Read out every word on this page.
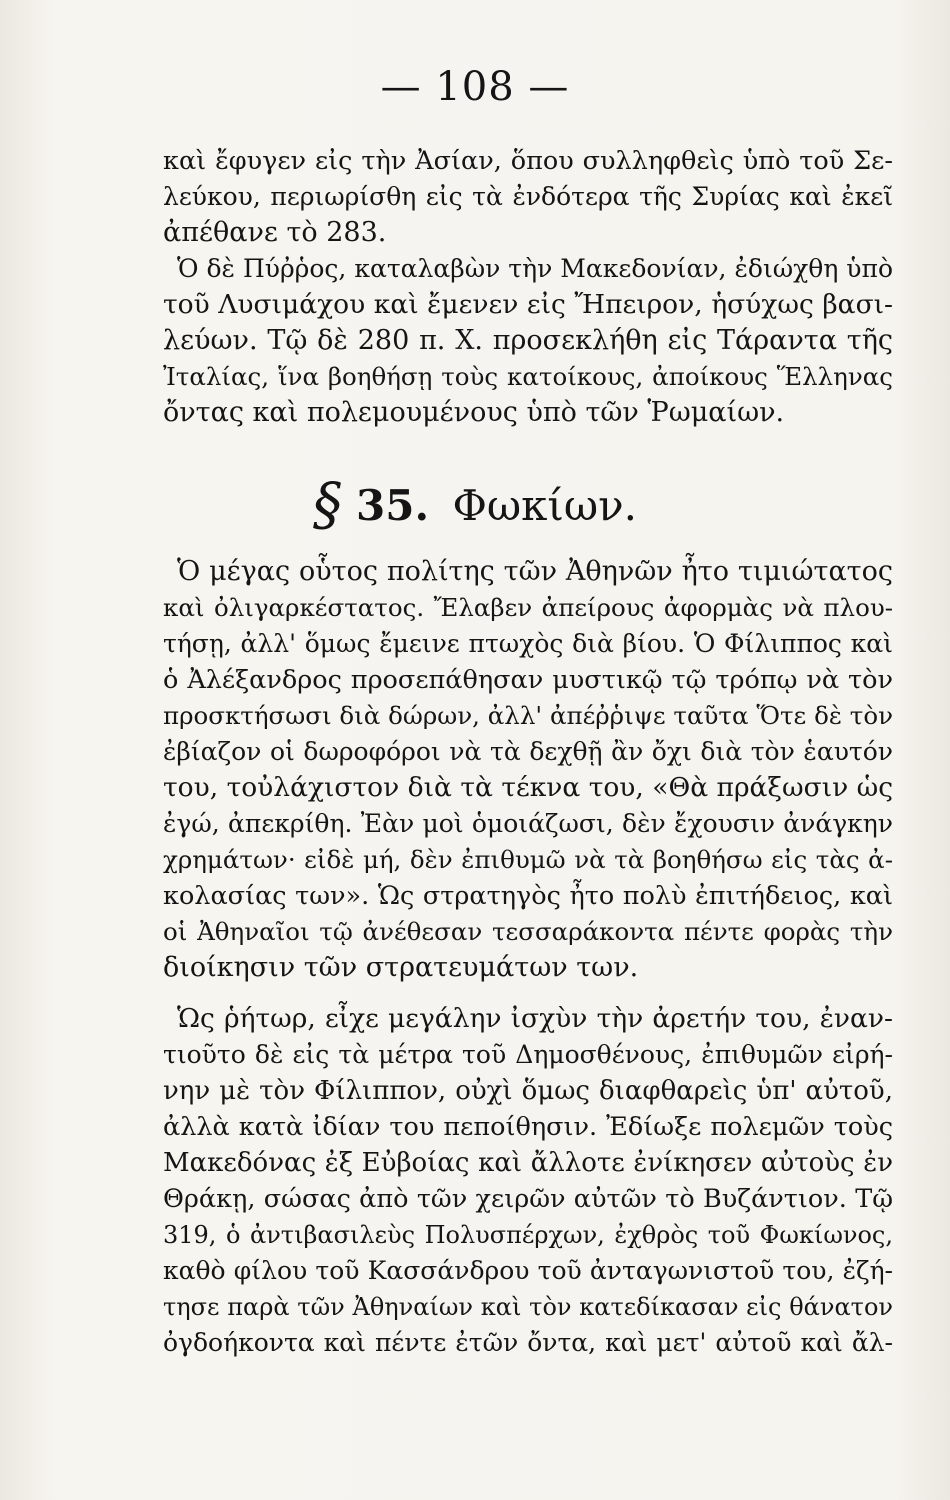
— 108 —
καὶ ἔφυγεν εἰς τὴν Ἀσίαν, ὅπου συλληφθεὶς ὑπὸ τοῦ Σε-
λεύκου, περιωρίσθη εἰς τὰ ἐνδότερα τῆς Συρίας καὶ ἐκεῖ
ἀπέθανε τὸ 283.
Ὁ δὲ Πύῤῥος, καταλαβὼν τὴν Μακεδονίαν, ἐδιώχθη ὑπὸ
τοῦ Λυσιμάχου καὶ ἔμενεν εἰς Ἤπειρον, ἡσύχως βασι-
λεύων. Τῷ δὲ 280 π. Χ. προσεκλήθη εἰς Τάραντα τῆς
Ἰταλίας, ἵνα βοηθήσῃ τοὺς κατοίκους, ἀποίκους Ἕλληνας
ὄντας καὶ πολεμουμένους ὑπὸ τῶν Ῥωμαίων.
§ 35. Φωκίων.
Ὁ μέγας οὗτος πολίτης τῶν Ἀθηνῶν ἦτο τιμιώτατος
καὶ ὀλιγαρκέστατος. Ἔλαβεν ἀπείρους ἀφορμὰς νὰ πλου-
τήσῃ, ἀλλ' ὅμως ἔμεινε πτωχὸς διὰ βίου. Ὁ Φίλιππος καὶ
ὁ Ἀλέξανδρος προσεπάθησαν μυστικῷ τῷ τρόπῳ νὰ τὸν
προσκτήσωσι διὰ δώρων, ἀλλ' ἀπέῤῥιψε ταῦτα Ὅτε δὲ τὸν
ἐβίαζον οἱ δωροφόροι νὰ τὰ δεχθῇ ἂν ὄχι διὰ τὸν ἑαυτόν
του, τοὐλάχιστον διὰ τὰ τέκνα του, «Θὰ πράξωσιν ὡς
ἐγώ, ἀπεκρίθη. Ἐὰν μοὶ ὁμοιάζωσι, δὲν ἔχουσιν ἀνάγκην
χρημάτων· εἰδὲ μή, δὲν ἐπιθυμῶ νὰ τὰ βοηθήσω εἰς τὰς ἀ-
κολασίας των». Ὡς στρατηγὸς ἦτο πολὺ ἐπιτήδειος, καὶ
οἱ Ἀθηναῖοι τῷ ἀνέθεσαν τεσσαράκοντα πέντε φορὰς τὴν
διοίκησιν τῶν στρατευμάτων των.
Ὡς ῥήτωρ, εἶχε μεγάλην ἰσχὺν τὴν ἀρετήν του, ἐναν-
τιοῦτο δὲ εἰς τὰ μέτρα τοῦ Δημοσθένους, ἐπιθυμῶν εἰρή-
νην μὲ τὸν Φίλιππον, οὐχὶ ὅμως διαφθαρεὶς ὑπ' αὐτοῦ,
ἀλλὰ κατὰ ἰδίαν του πεποίθησιν. Ἐδίωξε πολεμῶν τοὺς
Μακεδόνας ἐξ Εὐβοίας καὶ ἄλλοτε ἐνίκησεν αὐτοὺς ἐν
Θράκῃ, σώσας ἀπὸ τῶν χειρῶν αὐτῶν τὸ Βυζάντιον. Τῷ
319, ὁ ἀντιβασιλεὺς Πολυσπέρχων, ἐχθρὸς τοῦ Φωκίωνος,
καθὸ φίλου τοῦ Κασσάνδρου τοῦ ἀνταγωνιστοῦ του, ἐζή-
τησε παρὰ τῶν Ἀθηναίων καὶ τὸν κατεδίκασαν εἰς θάνατον
ὀγδοήκοντα καὶ πέντε ἐτῶν ὄντα, καὶ μετ' αὐτοῦ καὶ ἄλ-
